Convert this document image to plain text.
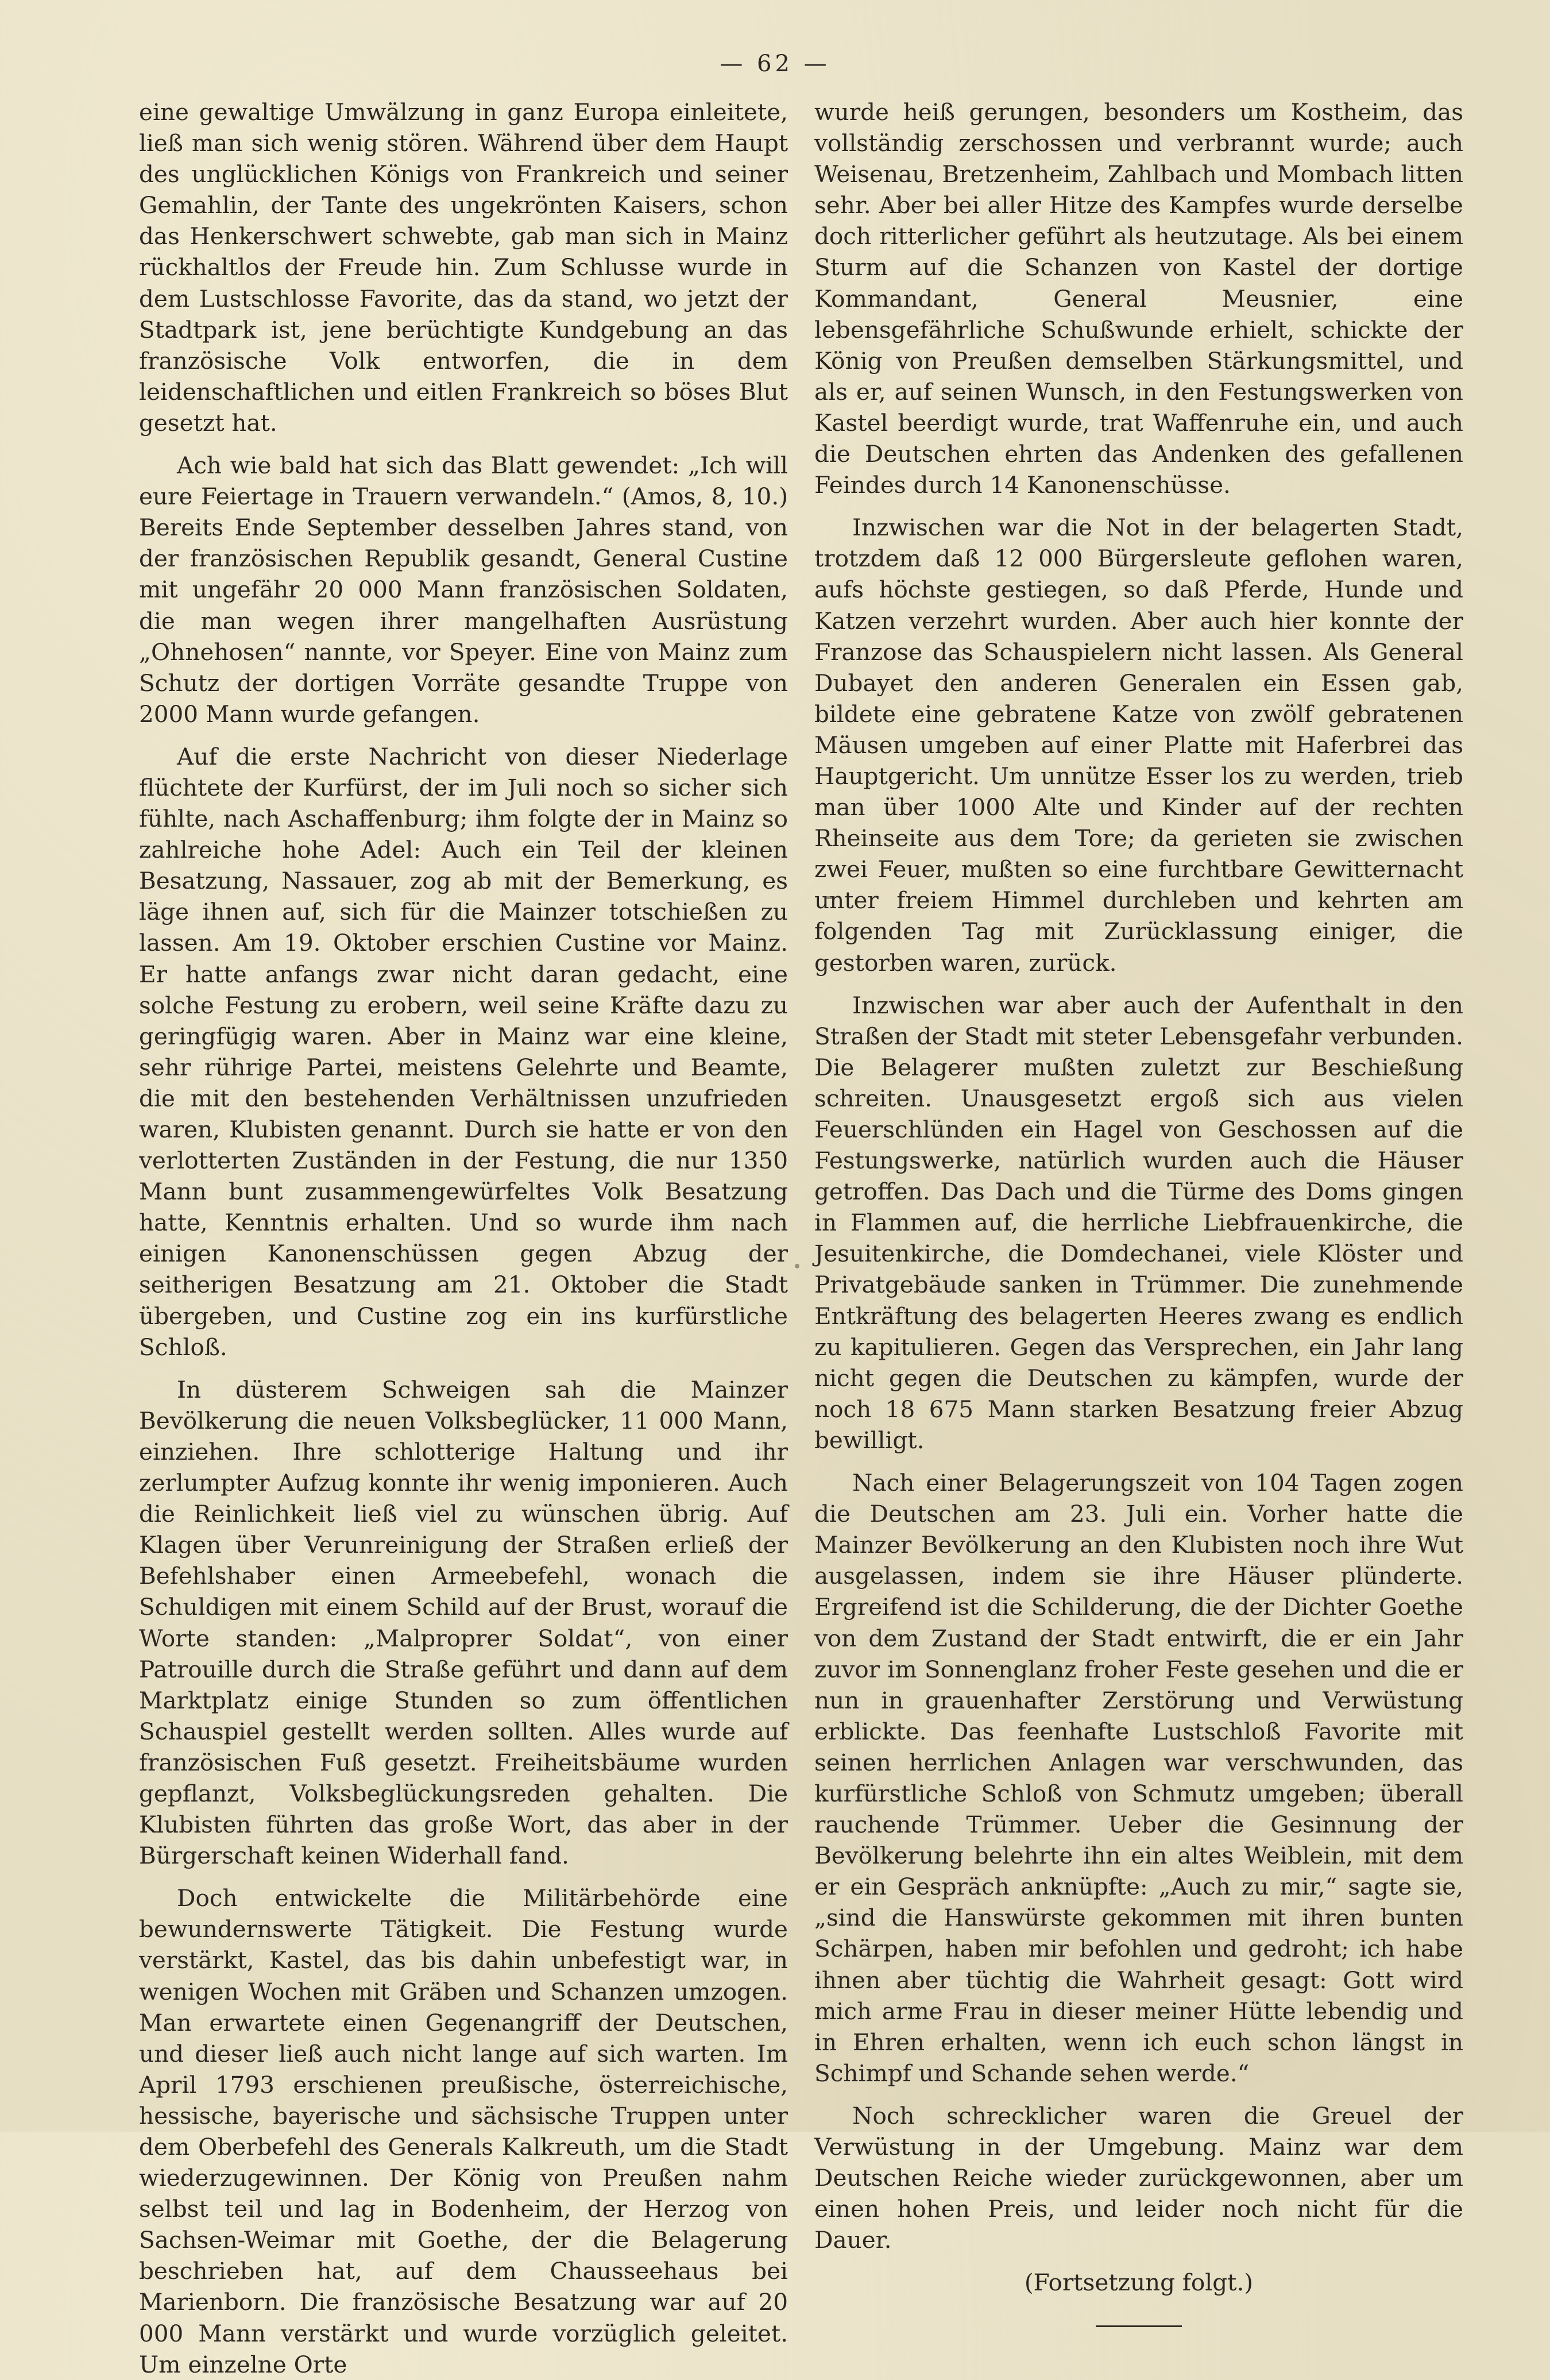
— 62 —

eine gewaltige Umwälzung in ganz Europa einleitete, ließ man sich wenig stören. Während über dem Haupt des unglücklichen Königs von Frankreich und seiner Gemahlin, der Tante des ungekrönten Kaisers, schon das Henkerschwert schwebte, gab man sich in Mainz rückhaltlos der Freude hin. Zum Schlusse wurde in dem Lustschlosse Favorite, das da stand, wo jetzt der Stadtpark ist, jene berüchtigte Kundgebung an das französische Volk entworfen, die in dem leidenschaftlichen und eitlen Frankreich so böses Blut gesetzt hat.

Ach wie bald hat sich das Blatt gewendet: „Ich will eure Feiertage in Trauern verwandeln.“ (Amos, 8, 10.) Bereits Ende September desselben Jahres stand, von der französischen Republik gesandt, General Custine mit ungefähr 20 000 Mann französischen Soldaten, die man wegen ihrer mangelhaften Ausrüstung „Ohnehosen“ nannte, vor Speyer. Eine von Mainz zum Schutz der dortigen Vorräte gesandte Truppe von 2000 Mann wurde gefangen.

Auf die erste Nachricht von dieser Niederlage flüchtete der Kurfürst, der im Juli noch so sicher sich fühlte, nach Aschaffenburg; ihm folgte der in Mainz so zahlreiche hohe Adel: Auch ein Teil der kleinen Besatzung, Nassauer, zog ab mit der Bemerkung, es läge ihnen auf, sich für die Mainzer totschießen zu lassen. Am 19. Oktober erschien Custine vor Mainz. Er hatte anfangs zwar nicht daran gedacht, eine solche Festung zu erobern, weil seine Kräfte dazu zu geringfügig waren. Aber in Mainz war eine kleine, sehr rührige Partei, meistens Gelehrte und Beamte, die mit den bestehenden Verhältnissen unzufrieden waren, Klubisten genannt. Durch sie hatte er von den verlotterten Zuständen in der Festung, die nur 1350 Mann bunt zusammengewürfeltes Volk Besatzung hatte, Kenntnis erhalten. Und so wurde ihm nach einigen Kanonenschüssen gegen Abzug der seitherigen Besatzung am 21. Oktober die Stadt übergeben, und Custine zog ein ins kurfürstliche Schloß.

In düsterem Schweigen sah die Mainzer Bevölkerung die neuen Volksbeglücker, 11 000 Mann, einziehen. Ihre schlotterige Haltung und ihr zerlumpter Aufzug konnte ihr wenig imponieren. Auch die Reinlichkeit ließ viel zu wünschen übrig. Auf Klagen über Verunreinigung der Straßen erließ der Befehlshaber einen Armeebefehl, wonach die Schuldigen mit einem Schild auf der Brust, worauf die Worte standen: „Malproprer Soldat“, von einer Patrouille durch die Straße geführt und dann auf dem Marktplatz einige Stunden so zum öffentlichen Schauspiel gestellt werden sollten. Alles wurde auf französischen Fuß gesetzt. Freiheitsbäume wurden gepflanzt, Volksbeglückungsreden gehalten. Die Klubisten führten das große Wort, das aber in der Bürgerschaft keinen Widerhall fand.

Doch entwickelte die Militärbehörde eine bewundernswerte Tätigkeit. Die Festung wurde verstärkt, Kastel, das bis dahin unbefestigt war, in wenigen Wochen mit Gräben und Schanzen umzogen. Man erwartete einen Gegenangriff der Deutschen, und dieser ließ auch nicht lange auf sich warten. Im April 1793 erschienen preußische, österreichische, hessische, bayerische und sächsische Truppen unter dem Oberbefehl des Generals Kalkreuth, um die Stadt wiederzugewinnen. Der König von Preußen nahm selbst teil und lag in Bodenheim, der Herzog von Sachsen-Weimar mit Goethe, der die Belagerung beschrieben hat, auf dem Chausseehaus bei Marienborn. Die französische Besatzung war auf 20 000 Mann verstärkt und wurde vorzüglich geleitet. Um einzelne Orte

wurde heiß gerungen, besonders um Kostheim, das vollständig zerschossen und verbrannt wurde; auch Weisenau, Bretzenheim, Zahlbach und Mombach litten sehr. Aber bei aller Hitze des Kampfes wurde derselbe doch ritterlicher geführt als heutzutage. Als bei einem Sturm auf die Schanzen von Kastel der dortige Kommandant, General Meusnier, eine lebensgefährliche Schußwunde erhielt, schickte der König von Preußen demselben Stärkungsmittel, und als er, auf seinen Wunsch, in den Festungswerken von Kastel beerdigt wurde, trat Waffenruhe ein, und auch die Deutschen ehrten das Andenken des gefallenen Feindes durch 14 Kanonenschüsse.

Inzwischen war die Not in der belagerten Stadt, trotzdem daß 12 000 Bürgersleute geflohen waren, aufs höchste gestiegen, so daß Pferde, Hunde und Katzen verzehrt wurden. Aber auch hier konnte der Franzose das Schauspielern nicht lassen. Als General Dubayet den anderen Generalen ein Essen gab, bildete eine gebratene Katze von zwölf gebratenen Mäusen umgeben auf einer Platte mit Haferbrei das Hauptgericht. Um unnütze Esser los zu werden, trieb man über 1000 Alte und Kinder auf der rechten Rheinseite aus dem Tore; da gerieten sie zwischen zwei Feuer, mußten so eine furchtbare Gewitternacht unter freiem Himmel durchleben und kehrten am folgenden Tag mit Zurücklassung einiger, die gestorben waren, zurück.

Inzwischen war aber auch der Aufenthalt in den Straßen der Stadt mit steter Lebensgefahr verbunden. Die Belagerer mußten zuletzt zur Beschießung schreiten. Unausgesetzt ergoß sich aus vielen Feuerschlünden ein Hagel von Geschossen auf die Festungswerke, natürlich wurden auch die Häuser getroffen. Das Dach und die Türme des Doms gingen in Flammen auf, die herrliche Liebfrauenkirche, die Jesuitenkirche, die Domdechanei, viele Klöster und Privatgebäude sanken in Trümmer. Die zunehmende Entkräftung des belagerten Heeres zwang es endlich zu kapitulieren. Gegen das Versprechen, ein Jahr lang nicht gegen die Deutschen zu kämpfen, wurde der noch 18 675 Mann starken Besatzung freier Abzug bewilligt.

Nach einer Belagerungszeit von 104 Tagen zogen die Deutschen am 23. Juli ein. Vorher hatte die Mainzer Bevölkerung an den Klubisten noch ihre Wut ausgelassen, indem sie ihre Häuser plünderte. Ergreifend ist die Schilderung, die der Dichter Goethe von dem Zustand der Stadt entwirft, die er ein Jahr zuvor im Sonnenglanz froher Feste gesehen und die er nun in grauenhafter Zerstörung und Verwüstung erblickte. Das feenhafte Lustschloß Favorite mit seinen herrlichen Anlagen war verschwunden, das kurfürstliche Schloß von Schmutz umgeben; überall rauchende Trümmer. Ueber die Gesinnung der Bevölkerung belehrte ihn ein altes Weiblein, mit dem er ein Gespräch anknüpfte: „Auch zu mir,“ sagte sie, „sind die Hanswürste gekommen mit ihren bunten Schärpen, haben mir befohlen und gedroht; ich habe ihnen aber tüchtig die Wahrheit gesagt: Gott wird mich arme Frau in dieser meiner Hütte lebendig und in Ehren erhalten, wenn ich euch schon längst in Schimpf und Schande sehen werde.“

Noch schrecklicher waren die Greuel der Verwüstung in der Umgebung. Mainz war dem Deutschen Reiche wieder zurückgewonnen, aber um einen hohen Preis, und leider noch nicht für die Dauer.

(Fortsetzung folgt.)
